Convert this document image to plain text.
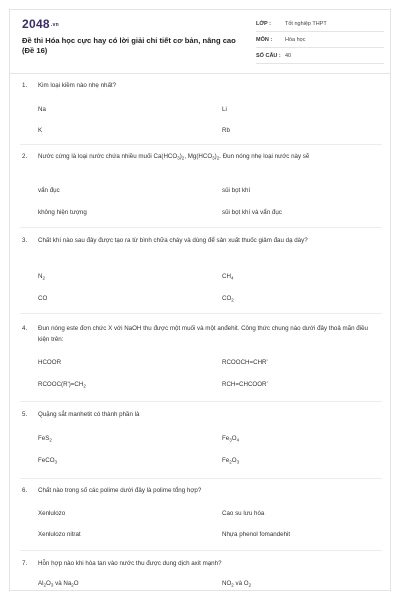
$2048^{.vn}$
Đề thi Hóa học cực hay có lời giải chi tiết cơ bản, nâng cao (Đề 16)
LỚP :	Tốt nghiệp THPT
MÔN : Hóa học
SỐ CÂU : 40
1. Kim loại kiềm nào nhẹ nhất?
Na	Li
K	Rb
2. Nước cứng là loại nước chứa nhiều muối $Ca(HCO_3)_2$, $Mg(HCO_3)_2$. Đun nóng nhẹ loại nước này sẽ
vẩn đục	sủi bọt khí
không hiện tượng	sủi bọt khí và vẩn đục
3. Chất khí nào sau đây được tạo ra từ bình chữa cháy và dùng để sản xuất thuốc giảm đau dạ dày?
$N_2$	$CH_4$
CO	$CO_2$
4. Đun nóng este đơn chức X với NaOH thu được một muối và một anđehit. Công thức chung nào dưới đây thoả mãn điều kiện trên:
HCOOR	RCOOCH=CHR'
$RCOOC(R')=CH_2$	RCH=CHCOOR'
5. Quặng sắt manhetit có thành phần là
FeS$_2$	$Fe_3O_4$
FeCO$_3$	$Fe_2O_3$
6. Chất nào trong số các polime dưới đây là polime tổng hợp?
Xenlulozo	Cao su lưu hóa
Xenlulozo nitrat	Nhựa phenol fomandehit
7. Hỗn hợp nào khi hòa tan vào nước thu được dung dịch axit mạnh?
$Al_2O_3$ và $Na_2O$	$NO_2$ và $O_2$
